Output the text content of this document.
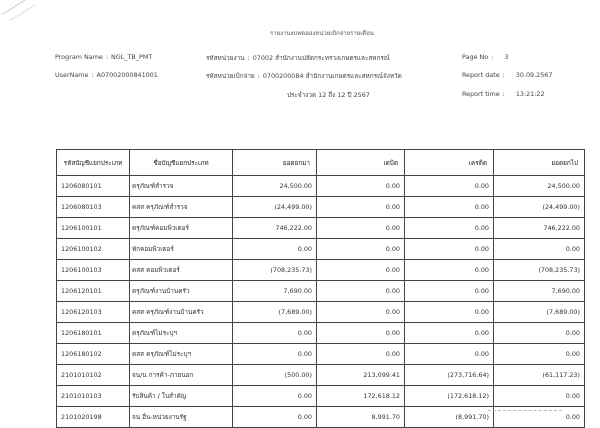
รายงานงบทดลองหน่วยเบิกจ่ายรายเดือน
Program Name : NGL_TB_PMT
UserName : A07002000841001
รหัสหน่วยงาน : 07002 สำนักงานปลัดกระทรวงเกษตรและสหกรณ์
รหัสหน่วยเบิกจ่าย : 0700200084 สำนักงานเกษตรและสหกรณ์จังหวัด
ประจำงวด 12 ถึง 12 ปี 2567
Page No : 3
Report date : 30.09.2567
Report time : 13:21:22
รหัสบัญชีแยกประเภท	ชื่อบัญชีแยกประเภท	ยอดยกมา	เดบิต	เครดิต	ยอดยกไป
1206080101	ครุภัณฑ์สำรวจ	24,500.00	0.00	0.00	24,500.00
1206080103	คสส ครุภัณฑ์สำรวจ	(24,499.00)	0.00	0.00	(24,499.00)
1206100101	ครุภัณฑ์คอมพิวเตอร์	746,222.00	0.00	0.00	746,222.00
1206100102	พักคอมพิวเตอร์	0.00	0.00	0.00	0.00
1206100103	คสส คอมพิวเตอร์	(708,235.73)	0.00	0.00	(708,235.73)
1206120101	ครุภัณฑ์งานบ้านครัว	7,690.00	0.00	0.00	7,690.00
1206120103	คสส ครุภัณฑ์งานบ้านครัว	(7,689.00)	0.00	0.00	(7,689.00)
1206180101	ครุภัณฑ์ไม่ระบุฯ	0.00	0.00	0.00	0.00
1206180102	คสส ครุภัณฑ์ไม่ระบุฯ	0.00	0.00	0.00	0.00
2101010102	จน/น การค้า-ภายนอก	(500.00)	213,099.41	(273,716.64)	(61,117.23)
2101010103	รับสินค้า / ใบสำคัญ	0.00	172,618.12	(172,618.12)	0.00
2101020198	จน อื่น-หน่วยงานรัฐ	0.00	8,991.70	(8,991.70)	0.00
